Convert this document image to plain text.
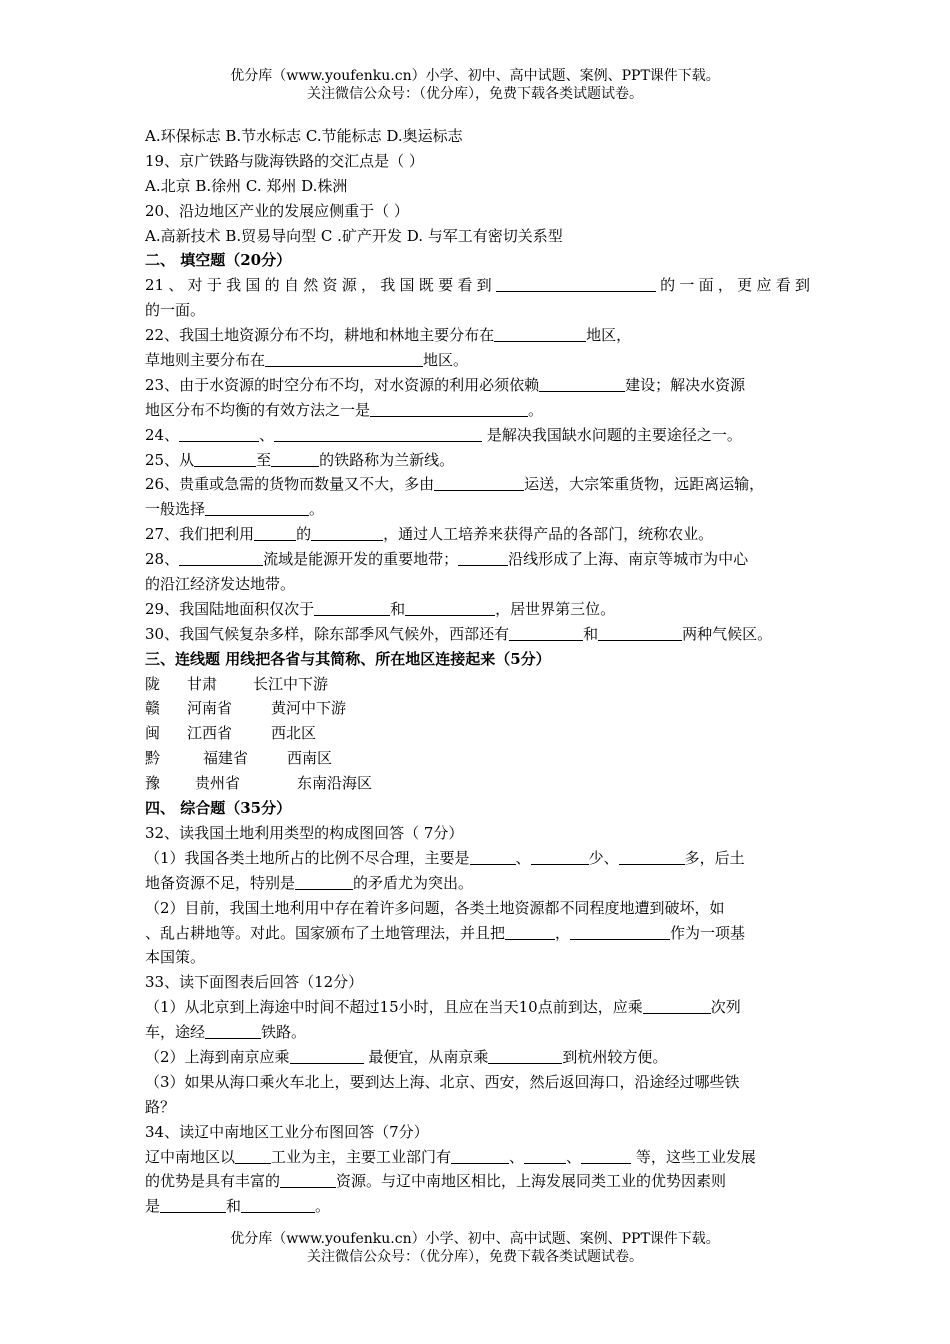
优分库（www.youfenku.cn）小学、初中、高中试题、案例、PPT课件下载。
关注微信公众号：（优分库），免费下载各类试题试卷。
A.环保标志 B.节水标志 C.节能标志 D.奥运标志
19、京广铁路与陇海铁路的交汇点是（ ）
A.北京 B.徐州 C. 郑州 D.株洲
20、沿边地区产业的发展应侧重于（ ）
A.高新技术 B.贸易导向型 C .矿产开发 D. 与军工有密切关系型
二、 填空题（20分）
21、对于我国的自然资源，我国既要看到	的一面，更应看到
的一面。
22、我国土地资源分布不均，耕地和林地主要分布在	地区，
草地则主要分布在	地区。
23、由于水资源的时空分布不均，对水资源的利用必须依赖	建设；解决水资源
地区分布不均衡的有效方法之一是	。
24、	、	是解决我国缺水问题的主要途径之一。
25、从	至	的铁路称为兰新线。
26、贵重或急需的货物而数量又不大，多由	运送，大宗笨重货物，远距离运输，
一般选择	。
27、我们把利用	的	，通过人工培养来获得产品的各部门，统称农业。
28、	流域是能源开发的重要地带；	沿线形成了上海、南京等城市为中心
的沿江经济发达地带。
29、我国陆地面积仅次于	和	，居世界第三位。
30、我国气候复杂多样，除东部季风气候外，西部还有	和	两种气候区。
三、连线题 用线把各省与其简称、所在地区连接起来（5分）
陇 甘肃 长江中下游
赣 河南省	黄河中下游
闽 江西省	西北区
黔	福建省	西南区
豫 贵州省	东南沿海区
四、 综合题（35分）
32、读我国土地利用类型的构成图回答（ 7分）
（1）我国各类土地所占的比例不尽合理，主要是	、	少、	多，后土
地备资源不足，特别是	的矛盾尤为突出。
（2）目前，我国土地利用中存在着许多问题，各类土地资源都不同程度地遭到破坏，如
、乱占耕地等。对此。国家颁布了土地管理法，并且把	，	作为一项基
本国策。
33、读下面图表后回答（12分）
（1）从北京到上海途中时间不超过15小时，且应在当天10点前到达，应乘	次列
车，途经	铁路。
（2）上海到南京应乘	最便宜，从南京乘	到杭州较方便。
（3）如果从海口乘火车北上，要到达上海、北京、西安，然后返回海口，沿途经过哪些铁
路？
34、读辽中南地区工业分布图回答（7分）
辽中南地区以 工业为主，主要工业部门有	、	、	等，这些工业发展
的优势是具有丰富的	资源。与辽中南地区相比，上海发展同类工业的优势因素则
是	和	。
优分库（www.youfenku.cn）小学、初中、高中试题、案例、PPT课件下载。
关注微信公众号：（优分库），免费下载各类试题试卷。
